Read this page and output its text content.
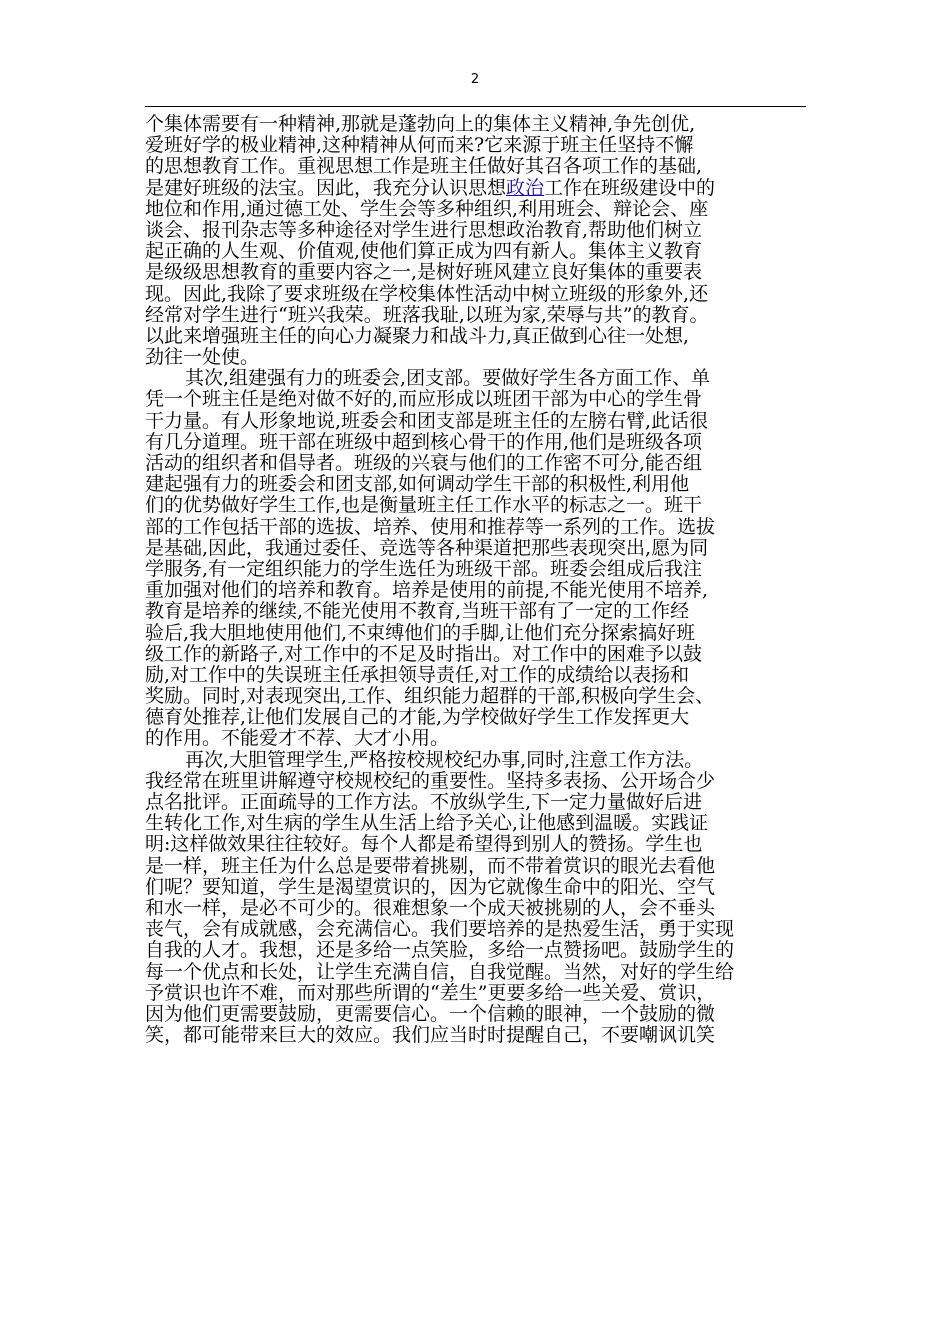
2
个集体需要有一种精神,那就是蓬勃向上的集体主义精神,争先创优,
爱班好学的极业精神,这种精神从何而来?它来源于班主任坚持不懈
的思想教育工作。重视思想工作是班主任做好其召各项工作的基础,
是建好班级的法宝。因此，我充分认识思想政治工作在班级建设中的
地位和作用,通过德工处、学生会等多种组织,利用班会、辩论会、座
谈会、报刊杂志等多种途径对学生进行思想政治教育,帮助他们树立
起正确的人生观、价值观,使他们算正成为四有新人。集体主义教育
是级级思想教育的重要内容之一,是树好班风建立良好集体的重要表
现。因此,我除了要求班级在学校集体性活动中树立班级的形象外,还
经常对学生进行“班兴我荣。班落我耻,以班为家,荣辱与共”的教育。
以此来增强班主任的向心力凝聚力和战斗力,真正做到心往一处想,
劲往一处使。
其次,组建强有力的班委会,团支部。要做好学生各方面工作、单
凭一个班主任是绝对做不好的,而应形成以班团干部为中心的学生骨
干力量。有人形象地说,班委会和团支部是班主任的左膀右臂,此话很
有几分道理。班干部在班级中超到核心骨干的作用,他们是班级各项
活动的组织者和倡导者。班级的兴衰与他们的工作密不可分,能否组
建起强有力的班委会和团支部,如何调动学生干部的积极性,利用他
们的优势做好学生工作,也是衡量班主任工作水平的标志之一。班干
部的工作包括干部的选拔、培养、使用和推荐等一系列的工作。选拔
是基础,因此，我通过委任、竞选等各种渠道把那些表现突出,愿为同
学服务,有一定组织能力的学生选任为班级干部。班委会组成后我注
重加强对他们的培养和教育。培养是使用的前提,不能光使用不培养,
教育是培养的继续,不能光使用不教育,当班干部有了一定的工作经
验后,我大胆地使用他们,不束缚他们的手脚,让他们充分探索搞好班
级工作的新路子,对工作中的不足及时指出。对工作中的困难予以鼓
励,对工作中的失误班主任承担领导责任,对工作的成绩给以表扬和
奖励。同时,对表现突出,工作、组织能力超群的干部,积极向学生会、
德育处推荐,让他们发展自己的才能,为学校做好学生工作发挥更大
的作用。不能爱才不荐、大才小用。
再次,大胆管理学生,严格按校规校纪办事,同时,注意工作方法。
我经常在班里讲解遵守校规校纪的重要性。坚持多表扬、公开场合少
点名批评。正面疏导的工作方法。不放纵学生,下一定力量做好后进
生转化工作,对生病的学生从生活上给予关心,让他感到温暖。实践证
明:这样做效果往往较好。每个人都是希望得到别人的赞扬。学生也
是一样，班主任为什么总是要带着挑剔，而不带着赏识的眼光去看他
们呢？要知道，学生是渴望赏识的，因为它就像生命中的阳光、空气
和水一样，是必不可少的。很难想象一个成天被挑剔的人，会不垂头
丧气，会有成就感，会充满信心。我们要培养的是热爱生活，勇于实现
自我的人才。我想，还是多给一点笑脸，多给一点赞扬吧。鼓励学生的
每一个优点和长处，让学生充满自信，自我觉醒。当然，对好的学生给
予赏识也许不难，而对那些所谓的“差生”更要多给一些关爱、赏识，
因为他们更需要鼓励，更需要信心。一个信赖的眼神，一个鼓励的微
笑，都可能带来巨大的效应。我们应当时时提醒自己，不要嘲讽讥笑
